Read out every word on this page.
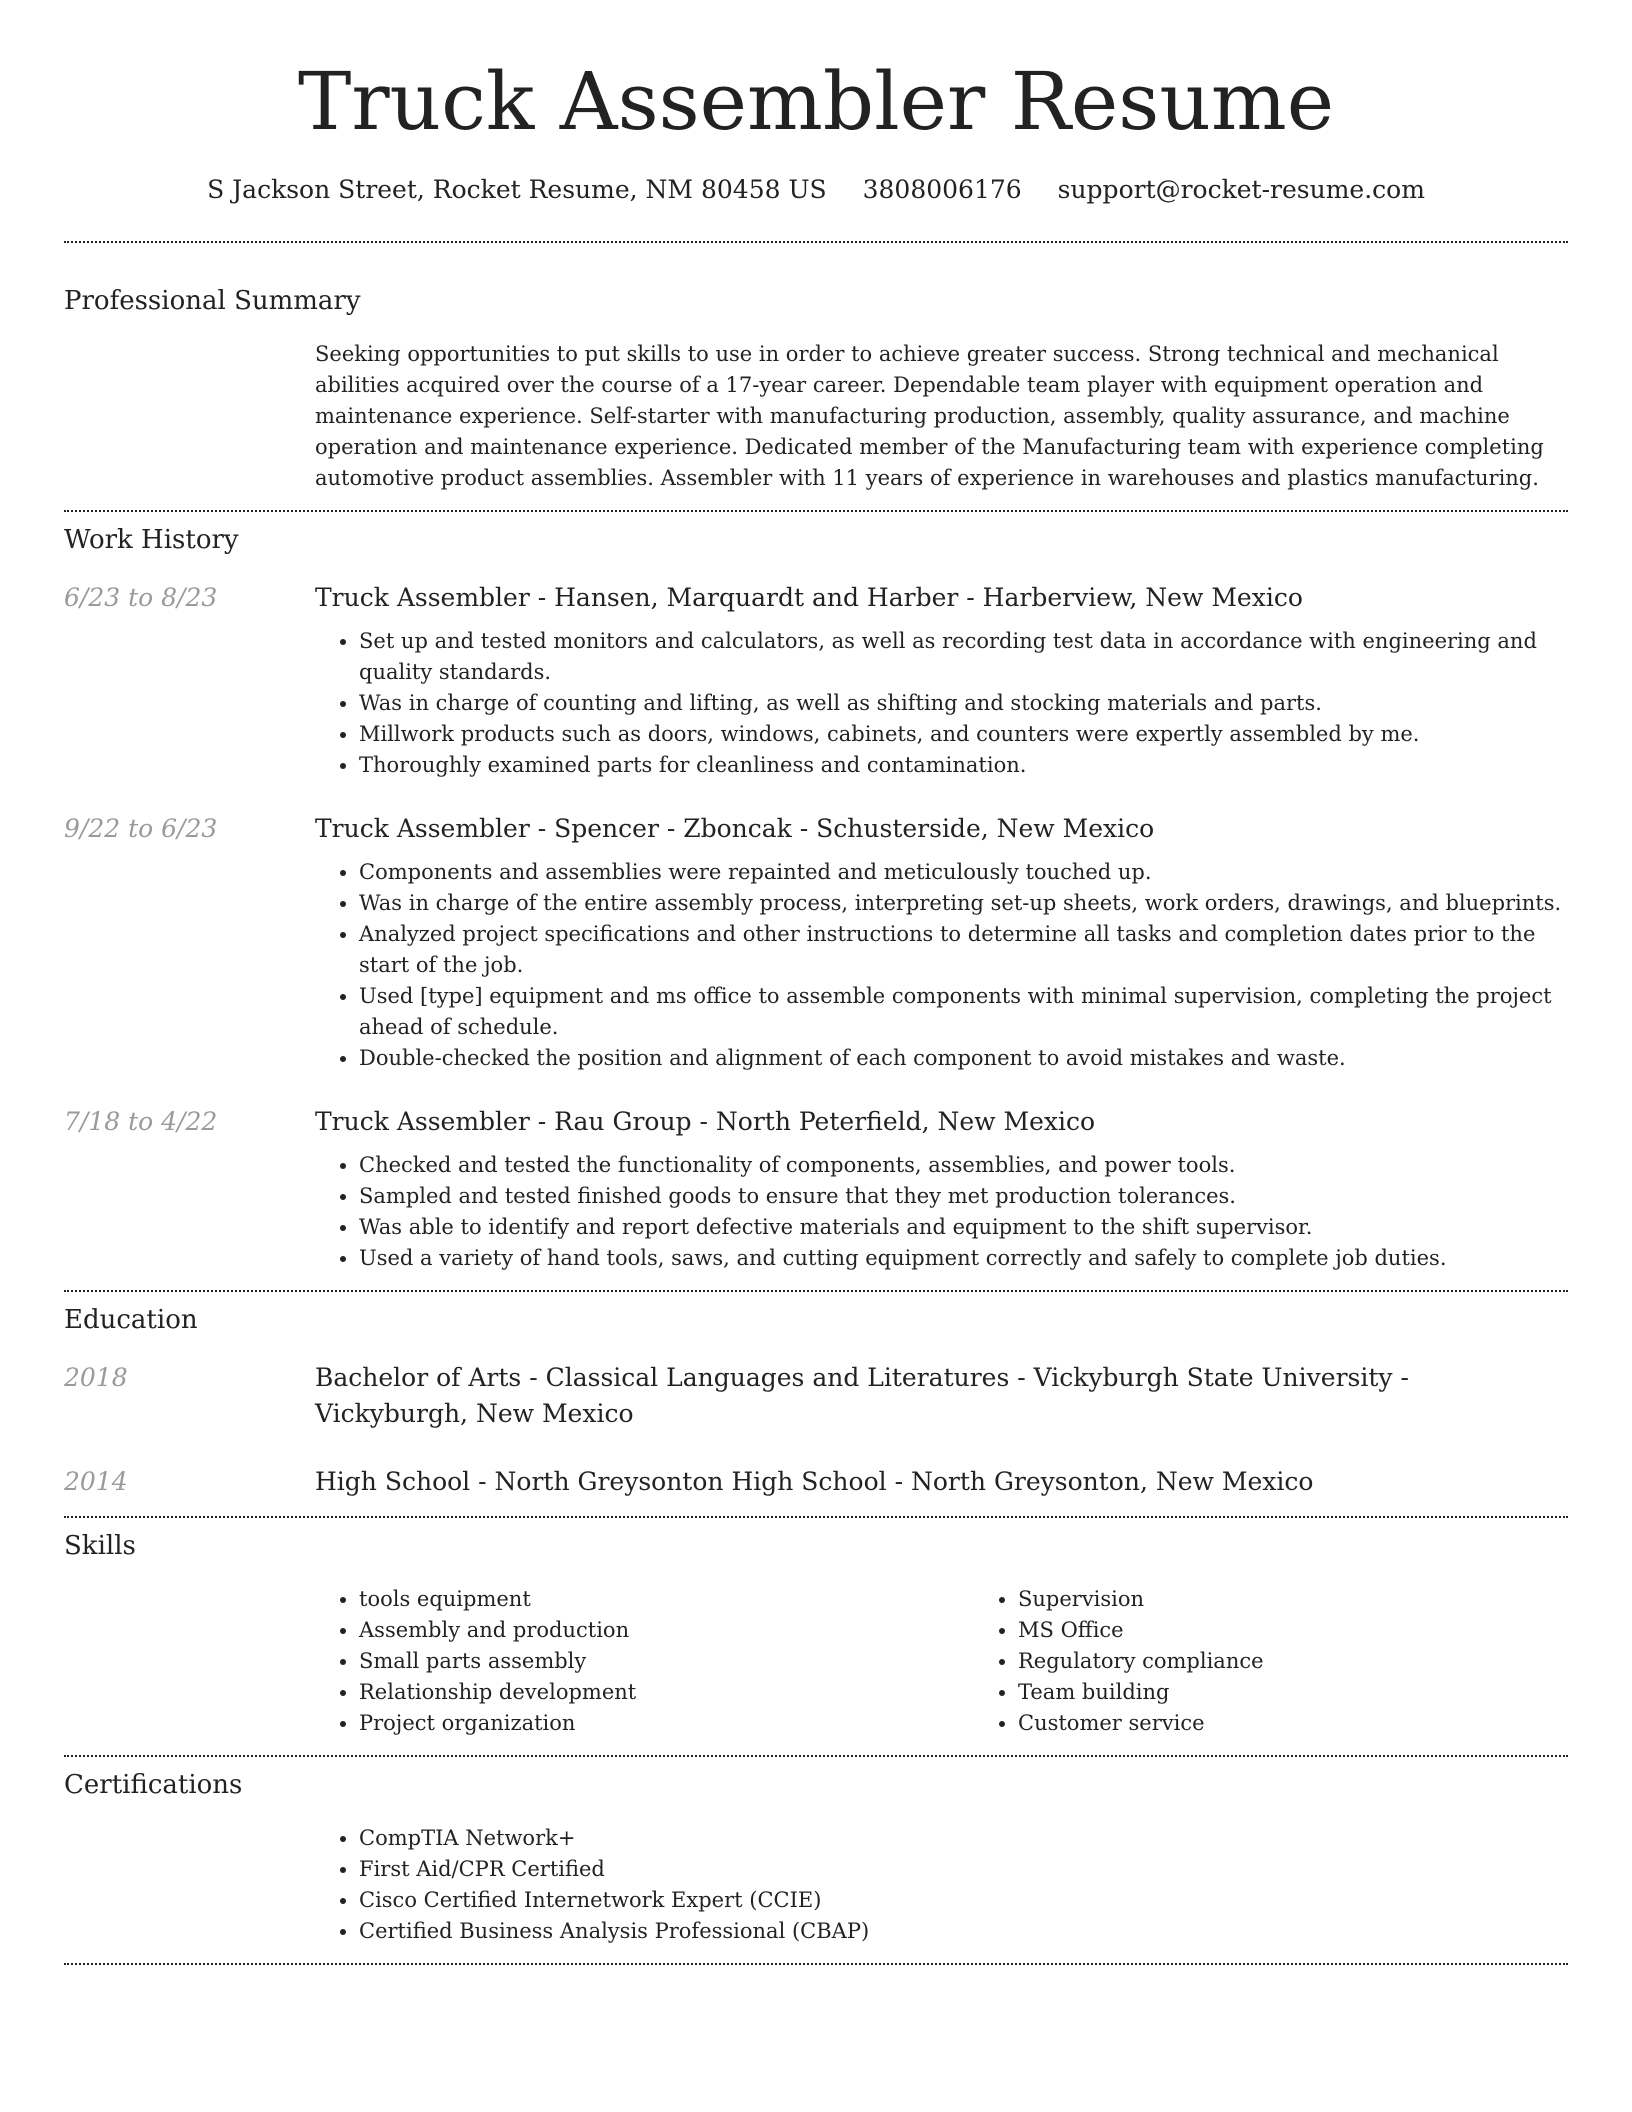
Truck Assembler Resume
S Jackson Street, Rocket Resume, NM 80458 US 3808006176 support@rocket-resume.com
Professional Summary
Seeking opportunities to put skills to use in order to achieve greater success. Strong technical and mechanical abilities acquired over the course of a 17-year career. Dependable team player with equipment operation and maintenance experience. Self-starter with manufacturing production, assembly, quality assurance, and machine operation and maintenance experience. Dedicated member of the Manufacturing team with experience completing automotive product assemblies. Assembler with 11 years of experience in warehouses and plastics manufacturing.
Work History
6/23 to 8/23	Truck Assembler - Hansen, Marquardt and Harber - Harberview, New Mexico
• Set up and tested monitors and calculators, as well as recording test data in accordance with engineering and quality standards.
• Was in charge of counting and lifting, as well as shifting and stocking materials and parts.
• Millwork products such as doors, windows, cabinets, and counters were expertly assembled by me.
• Thoroughly examined parts for cleanliness and contamination.
9/22 to 6/23	Truck Assembler - Spencer - Zboncak - Schusterside, New Mexico
• Components and assemblies were repainted and meticulously touched up.
• Was in charge of the entire assembly process, interpreting set-up sheets, work orders, drawings, and blueprints.
• Analyzed project specifications and other instructions to determine all tasks and completion dates prior to the start of the job.
• Used [type] equipment and ms office to assemble components with minimal supervision, completing the project ahead of schedule.
• Double-checked the position and alignment of each component to avoid mistakes and waste.
7/18 to 4/22	Truck Assembler - Rau Group - North Peterfield, New Mexico
• Checked and tested the functionality of components, assemblies, and power tools.
• Sampled and tested finished goods to ensure that they met production tolerances.
• Was able to identify and report defective materials and equipment to the shift supervisor.
• Used a variety of hand tools, saws, and cutting equipment correctly and safely to complete job duties.
Education
2018	Bachelor of Arts - Classical Languages and Literatures - Vickyburgh State University - Vickyburgh, New Mexico
2014	High School - North Greysonton High School - North Greysonton, New Mexico
Skills
• tools equipment
• Assembly and production
• Small parts assembly
• Relationship development
• Project organization
• Supervision
• MS Office
• Regulatory compliance
• Team building
• Customer service
Certifications
• CompTIA Network+
• First Aid/CPR Certified
• Cisco Certified Internetwork Expert (CCIE)
• Certified Business Analysis Professional (CBAP)
